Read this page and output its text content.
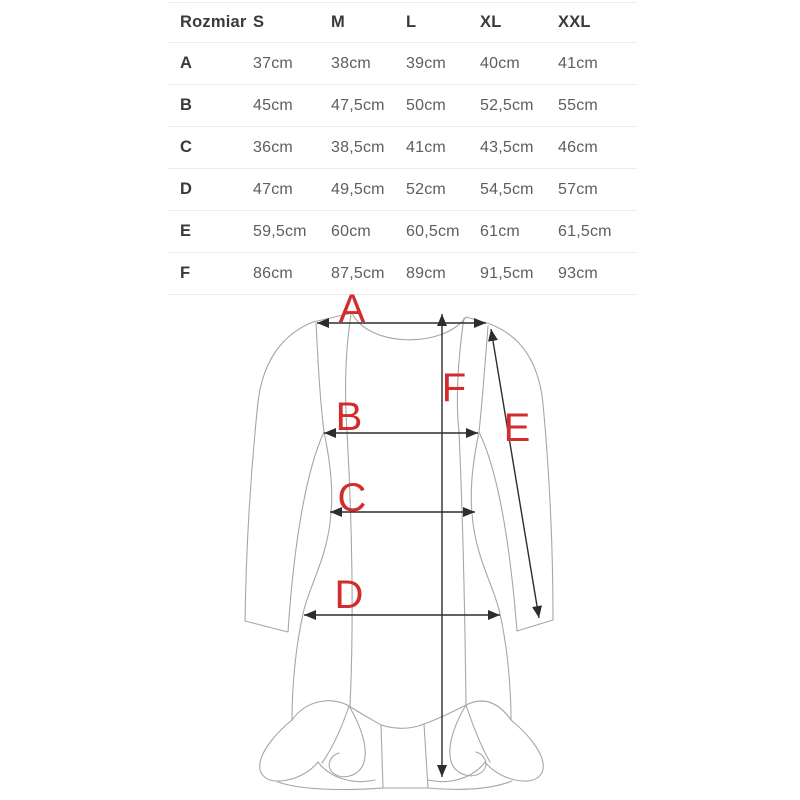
Rozmiar S	M	L	XL	XXL
A	37cm	38cm	39cm	40cm	41cm
B	45cm	47,5cm	50cm	52,5cm	55cm
C	36cm	38,5cm	41cm	43,5cm	46cm
D	47cm	49,5cm	52cm	54,5cm	57cm
E	59,5cm	60cm	60,5cm	61cm	61,5cm
F	86cm	87,5cm	89cm	91,5cm	93cm
A
B
C
D
E
F
